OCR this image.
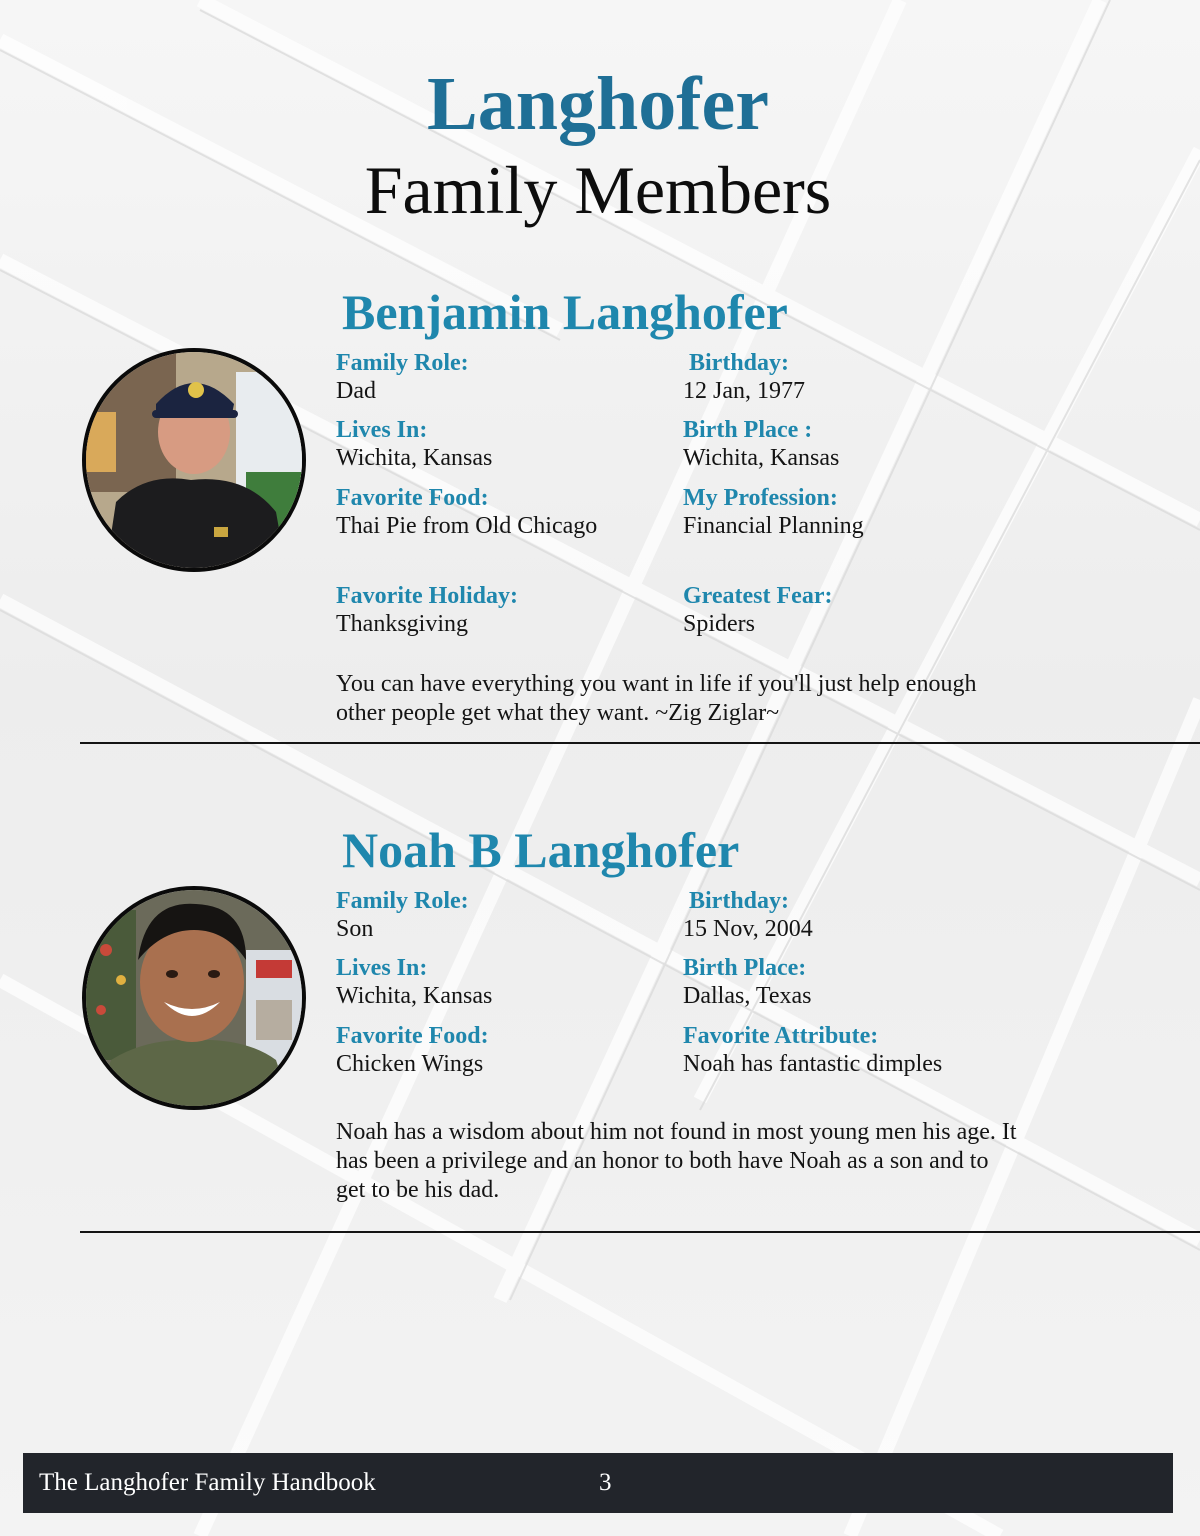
Langhofer
Family Members
Benjamin Langhofer
Family Role:
Dad
Birthday:
12 Jan, 1977
Lives In:
Wichita, Kansas
Birth Place :
Wichita, Kansas
Favorite Food:
Thai Pie from Old Chicago
My Profession:
Financial Planning
Favorite Holiday:
Thanksgiving
Greatest Fear:
Spiders
You can have everything you want in life if you'll just help enough
other people get what they want. ~Zig Ziglar~
Noah B Langhofer
Family Role:
Son
Birthday:
15 Nov, 2004
Lives In:
Wichita, Kansas
Birth Place:
Dallas, Texas
Favorite Food:
Chicken Wings
Favorite Attribute:
Noah has fantastic dimples
Noah has a wisdom about him not found in most young men his age. It
has been a privilege and an honor to both have Noah as a son and to
get to be his dad.
The Langhofer Family Handbook	3
